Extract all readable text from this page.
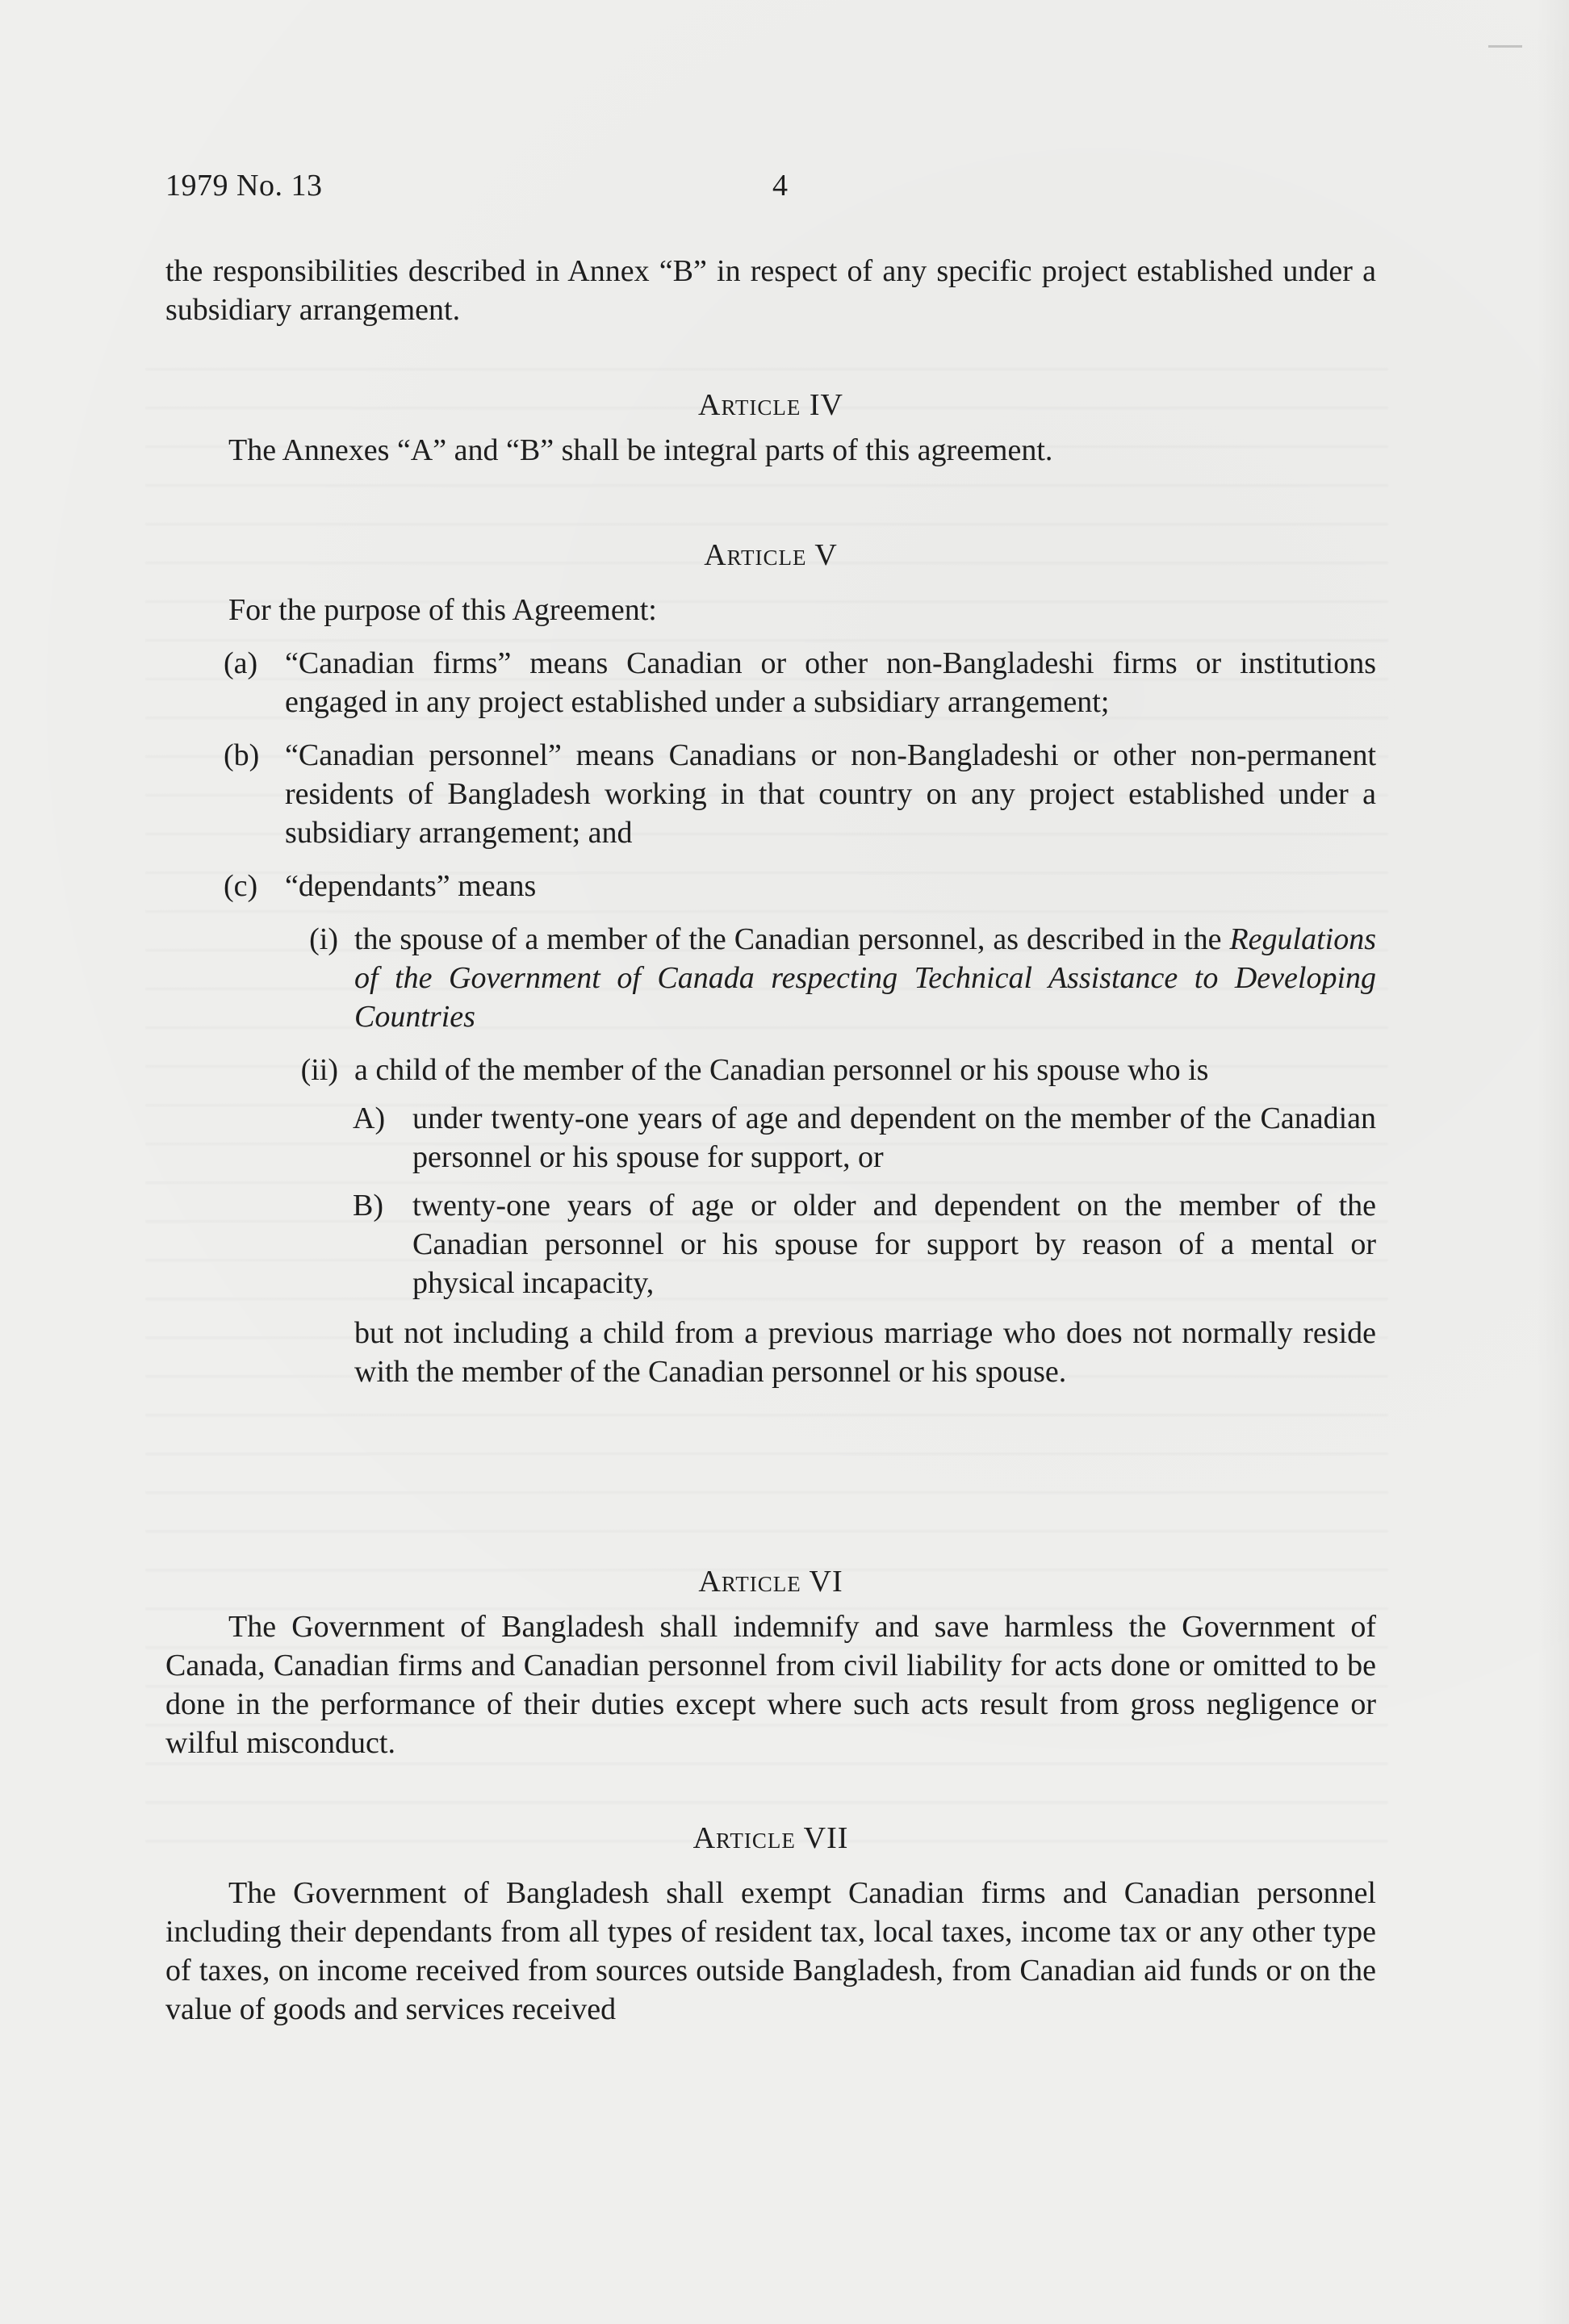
1979 No. 13	4

the responsibilities described in Annex “B” in respect of any specific project established under a subsidiary arrangement.

Article IV

The Annexes “A” and “B” shall be integral parts of this agreement.

Article V

For the purpose of this Agreement:

(a) “Canadian firms” means Canadian or other non-Bangladeshi firms or institutions engaged in any project established under a subsidiary arrangement;
(b) “Canadian personnel” means Canadians or non-Bangladeshi or other non-permanent residents of Bangladesh working in that country on any project established under a subsidiary arrangement; and
(c) “dependants” means
(i) the spouse of a member of the Canadian personnel, as described in the Regulations of the Government of Canada respecting Technical Assistance to Developing Countries
(ii) a child of the member of the Canadian personnel or his spouse who is
A) under twenty-one years of age and dependent on the member of the Canadian personnel or his spouse for support, or
B) twenty-one years of age or older and dependent on the member of the Canadian personnel or his spouse for support by reason of a mental or physical incapacity,

but not including a child from a previous marriage who does not normally reside with the member of the Canadian personnel or his spouse.

Article VI

The Government of Bangladesh shall indemnify and save harmless the Government of Canada, Canadian firms and Canadian personnel from civil liability for acts done or omitted to be done in the performance of their duties except where such acts result from gross negligence or wilful misconduct.

Article VII

The Government of Bangladesh shall exempt Canadian firms and Canadian personnel including their dependants from all types of resident tax, local taxes, income tax or any other type of taxes, on income received from sources outside Bangladesh, from Canadian aid funds or on the value of goods and services received
